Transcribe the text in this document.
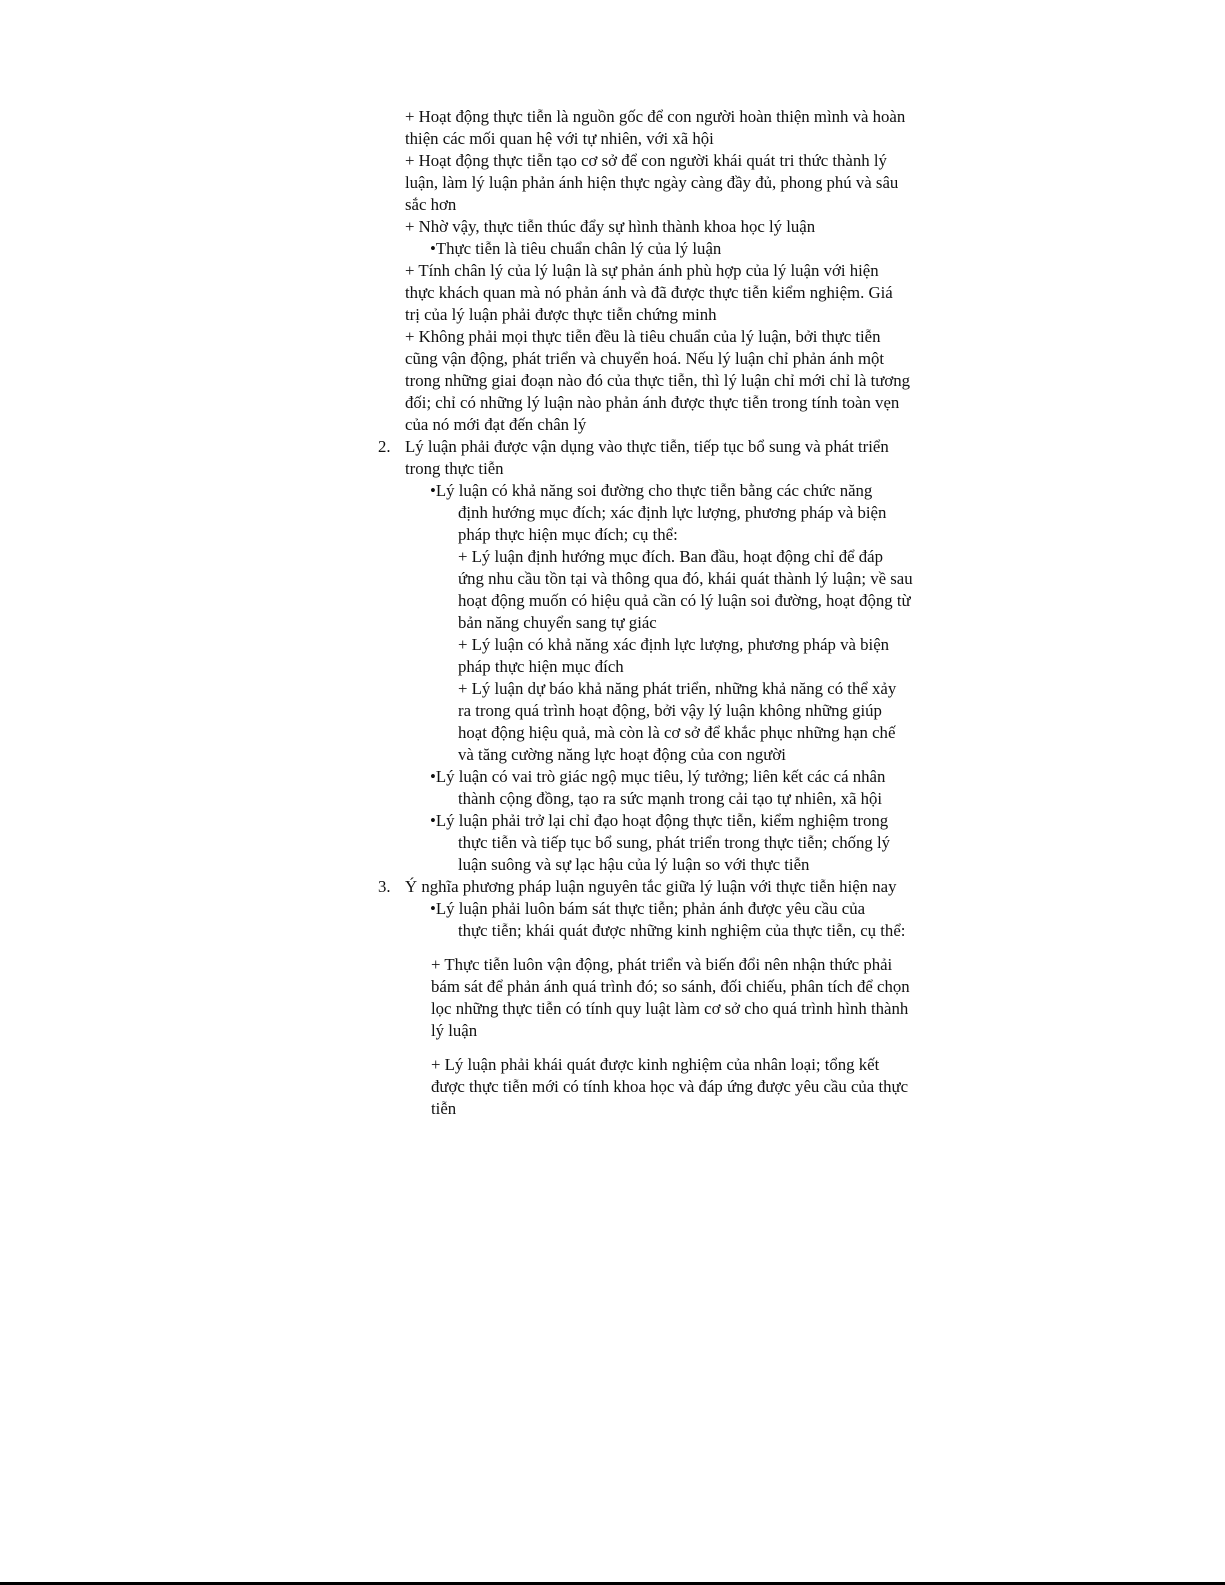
+ Hoạt động thực tiễn là nguồn gốc để con người hoàn thiện mình và hoàn
thiện các mối quan hệ với tự nhiên, với xã hội
+ Hoạt động thực tiễn tạo cơ sở để con người khái quát tri thức thành lý
luận, làm lý luận phản ánh hiện thực ngày càng đầy đủ, phong phú và sâu
sắc hơn
+ Nhờ vậy, thực tiễn thúc đẩy sự hình thành khoa học lý luận
•Thực tiễn là tiêu chuẩn chân lý của lý luận
+ Tính chân lý của lý luận là sự phản ánh phù hợp của lý luận với hiện
thực khách quan mà nó phản ánh và đã được thực tiễn kiểm nghiệm. Giá
trị của lý luận phải được thực tiễn chứng minh
+ Không phải mọi thực tiễn đều là tiêu chuẩn của lý luận, bởi thực tiễn
cũng vận động, phát triển và chuyển hoá. Nếu lý luận chỉ phản ánh một
trong những giai đoạn nào đó của thực tiễn, thì lý luận chỉ mới chỉ là tương
đối; chỉ có những lý luận nào phản ánh được thực tiễn trong tính toàn vẹn
của nó mới đạt đến chân lý
2. Lý luận phải được vận dụng vào thực tiễn, tiếp tục bổ sung và phát triển
trong thực tiễn
•Lý luận có khả năng soi đường cho thực tiễn bằng các chức năng
định hướng mục đích; xác định lực lượng, phương pháp và biện
pháp thực hiện mục đích; cụ thể:
+ Lý luận định hướng mục đích. Ban đầu, hoạt động chỉ để đáp
ứng nhu cầu tồn tại và thông qua đó, khái quát thành lý luận; về sau
hoạt động muốn có hiệu quả cần có lý luận soi đường, hoạt động từ
bản năng chuyển sang tự giác
+ Lý luận có khả năng xác định lực lượng, phương pháp và biện
pháp thực hiện mục đích
+ Lý luận dự báo khả năng phát triển, những khả năng có thể xảy
ra trong quá trình hoạt động, bởi vậy lý luận không những giúp
hoạt động hiệu quả, mà còn là cơ sở để khắc phục những hạn chế
và tăng cường năng lực hoạt động của con người
•Lý luận có vai trò giác ngộ mục tiêu, lý tưởng; liên kết các cá nhân
thành cộng đồng, tạo ra sức mạnh trong cải tạo tự nhiên, xã hội
•Lý luận phải trở lại chỉ đạo hoạt động thực tiễn, kiểm nghiệm trong
thực tiễn và tiếp tục bổ sung, phát triển trong thực tiễn; chống lý
luận suông và sự lạc hậu của lý luận so với thực tiễn
3. Ý nghĩa phương pháp luận nguyên tắc giữa lý luận với thực tiễn hiện nay
•Lý luận phải luôn bám sát thực tiễn; phản ánh được yêu cầu của
thực tiễn; khái quát được những kinh nghiệm của thực tiễn, cụ thể:
+ Thực tiễn luôn vận động, phát triển và biến đổi nên nhận thức phải
bám sát để phản ánh quá trình đó; so sánh, đối chiếu, phân tích để chọn
lọc những thực tiễn có tính quy luật làm cơ sở cho quá trình hình thành
lý luận
+ Lý luận phải khái quát được kinh nghiệm của nhân loại; tổng kết
được thực tiễn mới có tính khoa học và đáp ứng được yêu cầu của thực
tiễn
